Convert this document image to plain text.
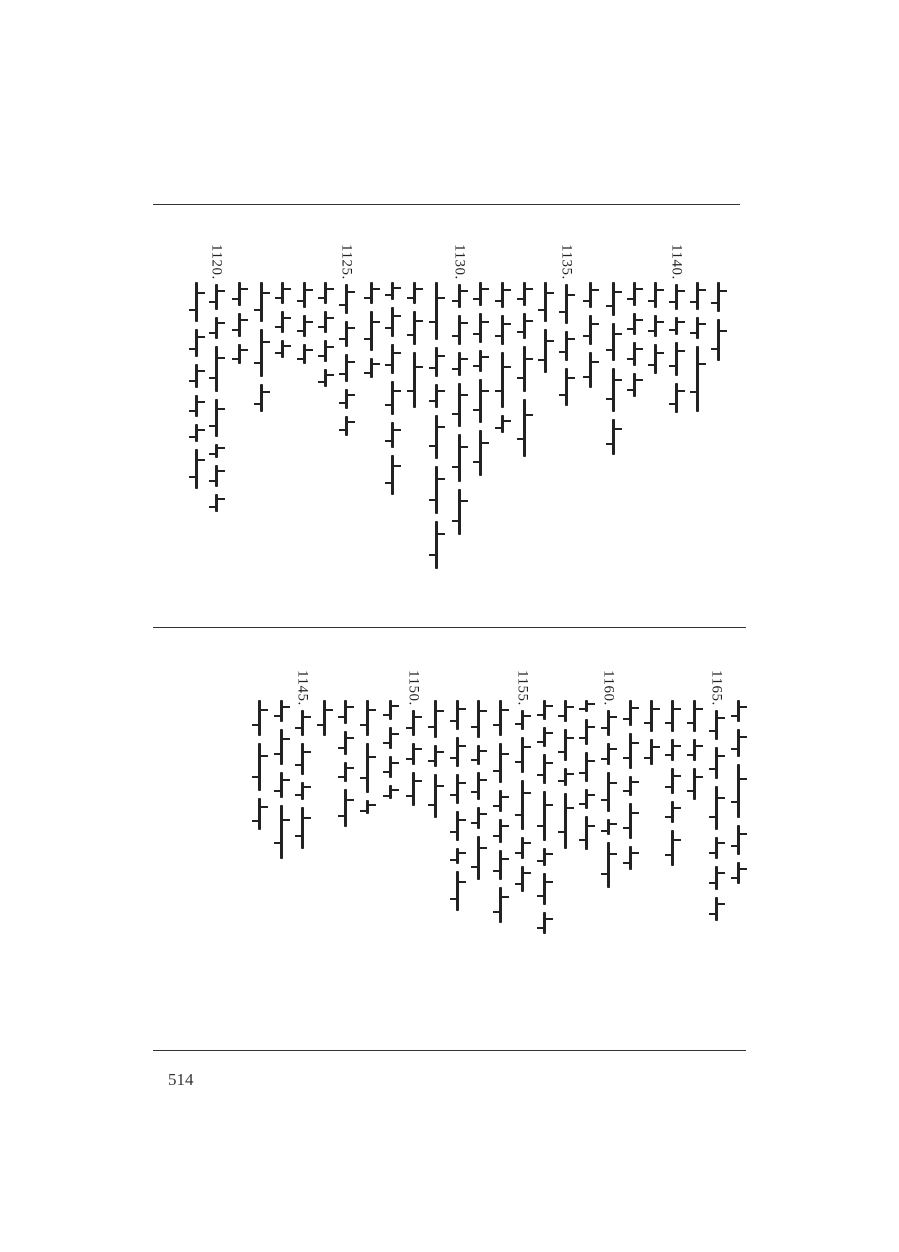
1140.
1135.
1130.
1125.
1120.
1165.
1160.
1155.
1150.
1145.
514
